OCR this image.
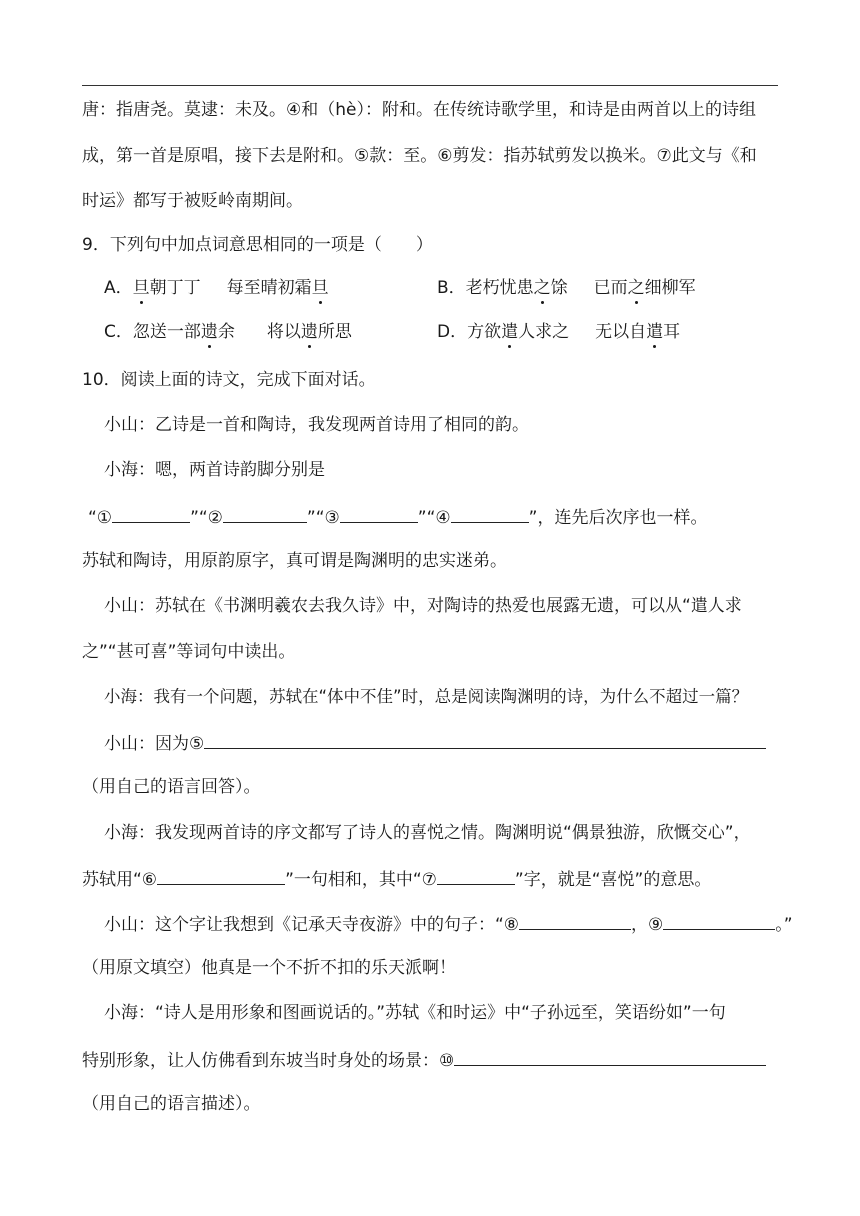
唐：指唐尧。莫逮：未及。④和（hè）：附和。在传统诗歌学里，和诗是由两首以上的诗组
成，第一首是原唱，接下去是附和。⑤款：至。⑥剪发：指苏轼剪发以换米。⑦此文与《和
时运》都写于被贬岭南期间。
9．下列句中加点词意思相同的一项是（　　）
A．旦朝丁丁 每至晴初霜旦	B．老朽忧患之馀 已而之细柳军
C．忽送一部遗余 将以遗所思	D．方欲遣人求之 无以自遣耳
10．阅读上面的诗文，完成下面对话。
小山：乙诗是一首和陶诗，我发现两首诗用了相同的韵。
小海：嗯，两首诗韵脚分别是
“①	”“②	”“③	”“④	”，连先后次序也一样。
苏轼和陶诗，用原韵原字，真可谓是陶渊明的忠实迷弟。
小山：苏轼在《书渊明羲农去我久诗》中，对陶诗的热爱也展露无遗，可以从“遣人求
之”“甚可喜”等词句中读出。
小海：我有一个问题，苏轼在“体中不佳”时，总是阅读陶渊明的诗，为什么不超过一篇？
小山：因为⑤
（用自己的语言回答）。
小海：我发现两首诗的序文都写了诗人的喜悦之情。陶渊明说“偶景独游，欣慨交心”，
苏轼用“⑥	”一句相和，其中“⑦	”字，就是“喜悦”的意思。
小山：这个字让我想到《记承天寺夜游》中的句子：“⑧	，⑨	。”
（用原文填空）他真是一个不折不扣的乐天派啊！
小海：“诗人是用形象和图画说话的。”苏轼《和时运》中“子孙远至，笑语纷如”一句
特别形象，让人仿佛看到东坡当时身处的场景：⑩
（用自己的语言描述）。
